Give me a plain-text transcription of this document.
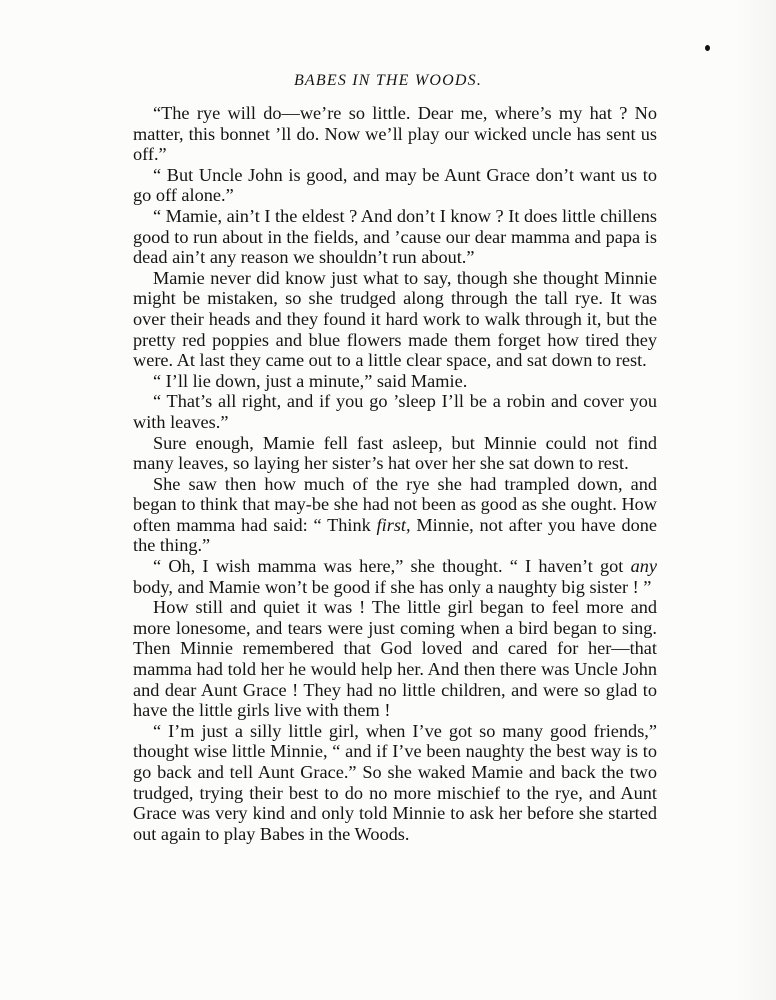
BABES IN THE WOODS.

“The rye will do—we’re so little. Dear me, where’s my hat ? No matter, this bonnet ’ll do. Now we’ll play our wicked uncle has sent us off.”

“ But Uncle John is good, and may be Aunt Grace don’t want us to go off alone.”

“ Mamie, ain’t I the eldest ? And don’t I know ? It does little chillens good to run about in the fields, and ’cause our dear mamma and papa is dead ain’t any reason we shouldn’t run about.”

Mamie never did know just what to say, though she thought Minnie might be mistaken, so she trudged along through the tall rye. It was over their heads and they found it hard work to walk through it, but the pretty red poppies and blue flowers made them forget how tired they were. At last they came out to a little clear space, and sat down to rest.

“ I’ll lie down, just a minute,” said Mamie.

“ That’s all right, and if you go ’sleep I’ll be a robin and cover you with leaves.”

Sure enough, Mamie fell fast asleep, but Minnie could not find many leaves, so laying her sister’s hat over her she sat down to rest.

She saw then how much of the rye she had trampled down, and began to think that may-be she had not been as good as she ought. How often mamma had said: “ Think first, Minnie, not after you have done the thing.”

“ Oh, I wish mamma was here,” she thought. “ I haven’t got any body, and Mamie won’t be good if she has only a naughty big sister ! ”

How still and quiet it was ! The little girl began to feel more and more lonesome, and tears were just coming when a bird began to sing. Then Minnie remembered that God loved and cared for her—that mamma had told her he would help her. And then there was Uncle John and dear Aunt Grace ! They had no little children, and were so glad to have the little girls live with them !

“ I’m just a silly little girl, when I’ve got so many good friends,” thought wise little Minnie, “ and if I’ve been naughty the best way is to go back and tell Aunt Grace.” So she waked Mamie and back the two trudged, trying their best to do no more mischief to the rye, and Aunt Grace was very kind and only told Minnie to ask her before she started out again to play Babes in the Woods.
